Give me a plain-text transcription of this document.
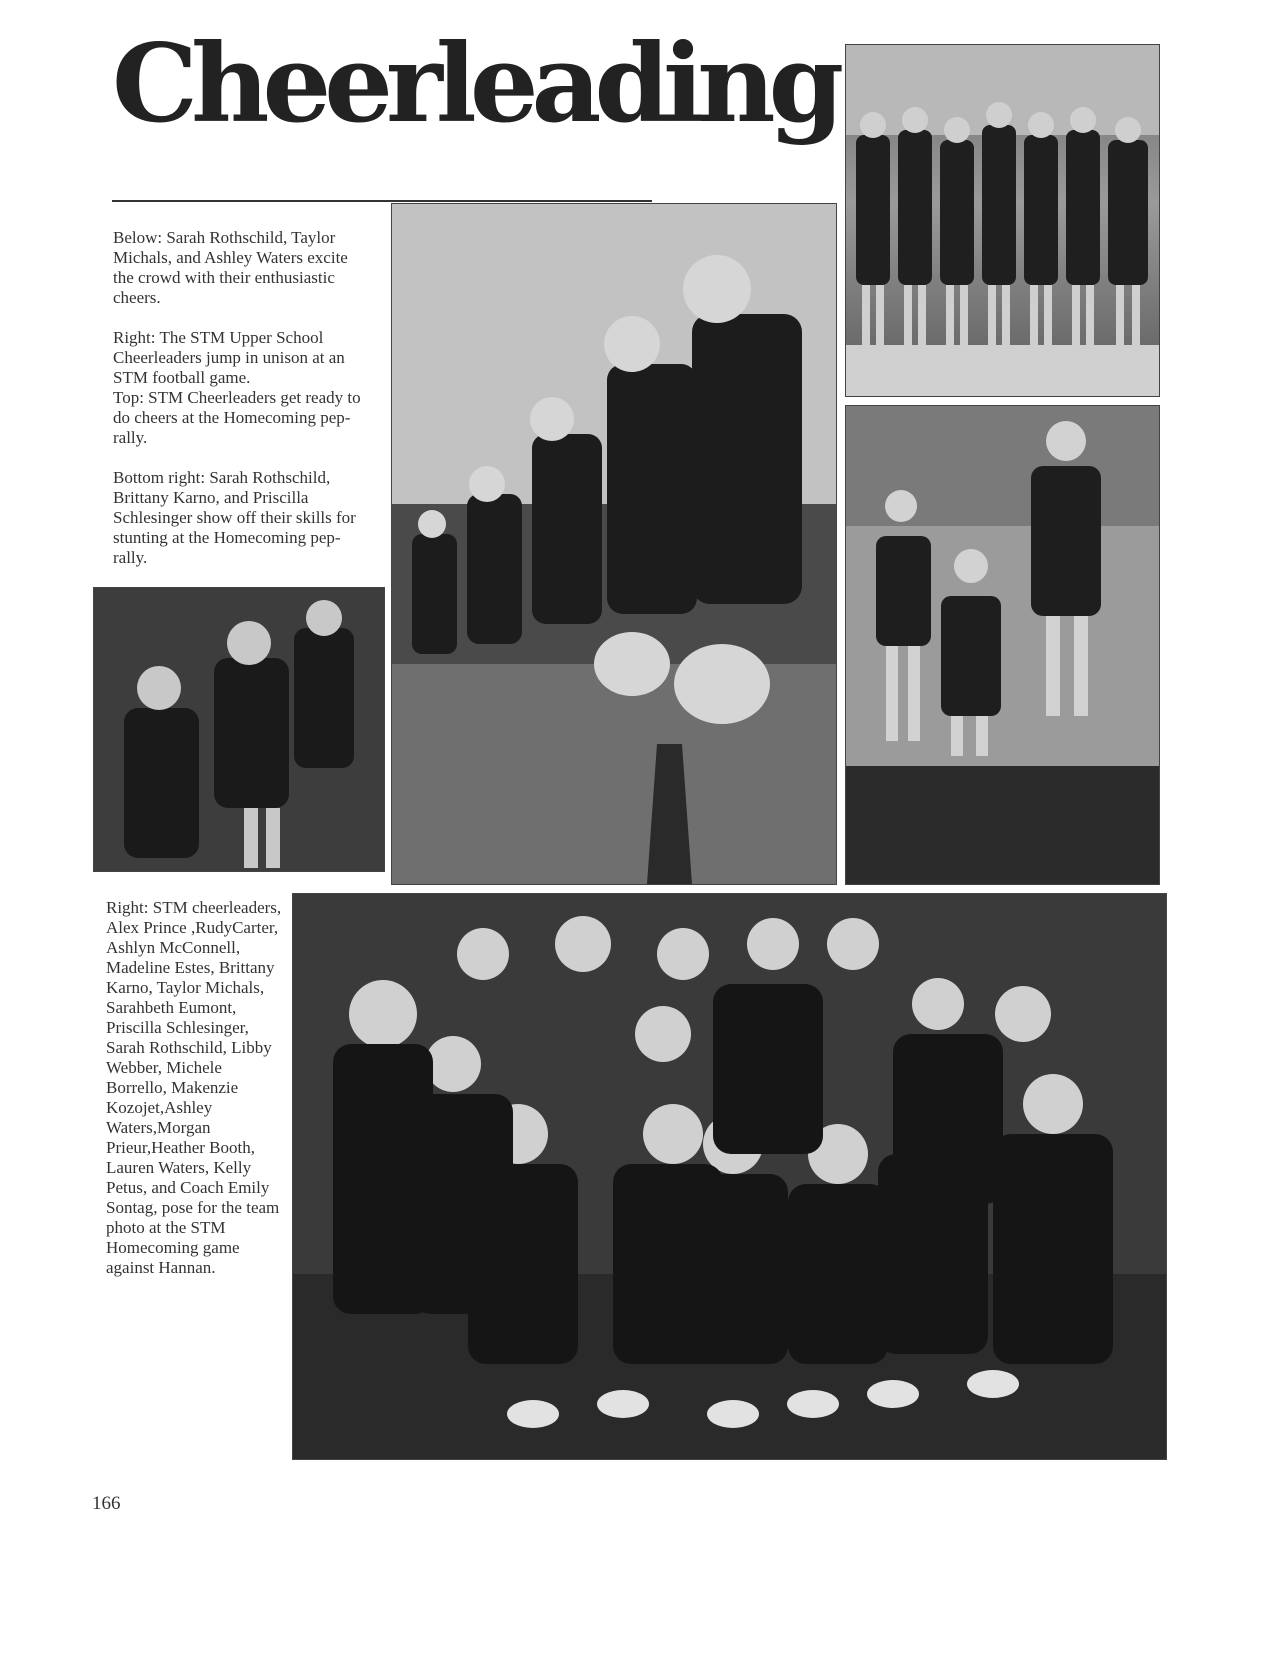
Cheerleading

Below: Sarah Rothschild, Taylor Michals, and Ashley Waters excite the crowd with their enthusiastic cheers.

Right: The STM Upper School Cheerleaders jump in unison at an STM football game.

Top: STM Cheerleaders get ready to do cheers at the Homecoming pep-rally.

Bottom right: Sarah Rothschild, Brittany Karno, and Priscilla Schlesinger show off their skills for stunting at the Homecoming pep-rally.

Right: STM cheerleaders, Alex Prince ,RudyCarter, Ashlyn McConnell, Madeline Estes, Brittany Karno, Taylor Michals, Sarahbeth Eumont, Priscilla Schlesinger, Sarah Rothschild, Libby Webber, Michele Borrello, Makenzie Kozojet,Ashley Waters,Morgan Prieur,Heather Booth, Lauren Waters, Kelly Petus, and Coach Emily Sontag, pose for the team photo at the STM Homecoming game against Hannan.

166
